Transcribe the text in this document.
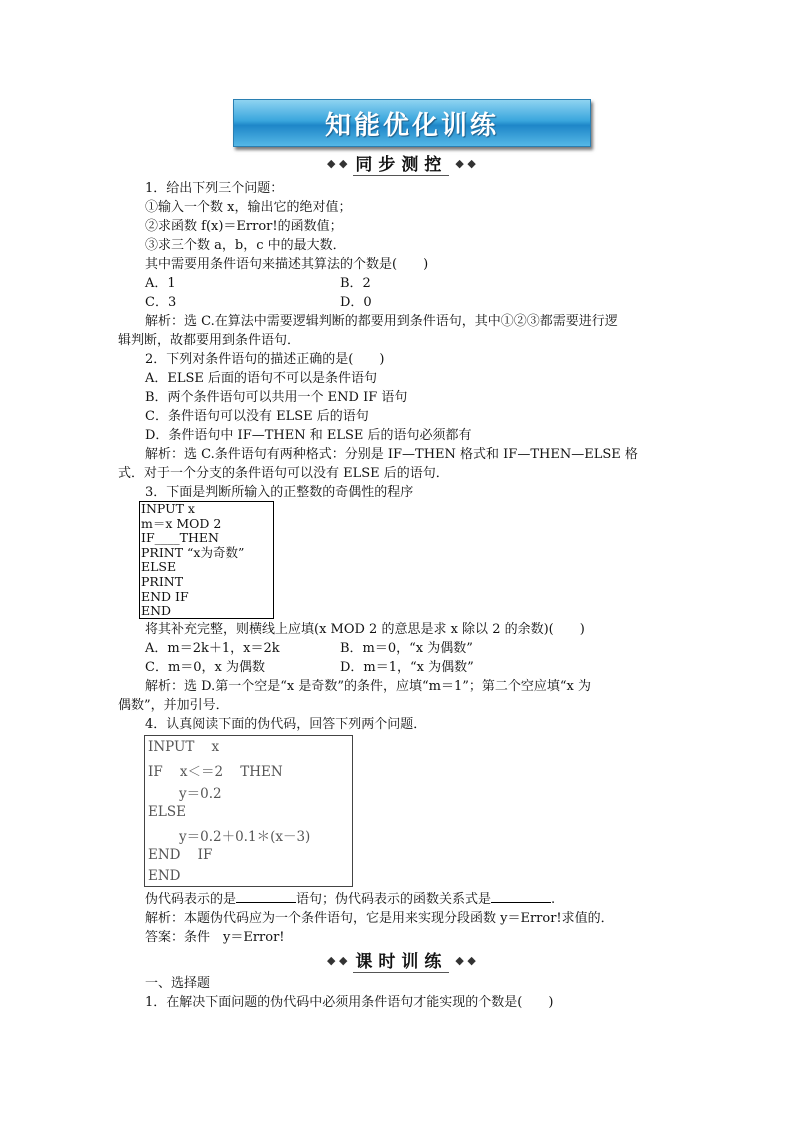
知能优化训练
◆ ◆ 同步测控 ◆ ◆
1．给出下列三个问题：
①输入一个数 x，输出它的绝对值；
②求函数 f(x)＝Error!的函数值；
③求三个数 a，b，c 中的最大数．
其中需要用条件语句来描述其算法的个数是(　　)
A．1	B．2
C．3	D．0
解析：选 C.在算法中需要逻辑判断的都要用到条件语句，其中①②③都需要进行逻
辑判断，故都要用到条件语句．
2．下列对条件语句的描述正确的是(　　)
A．ELSE 后面的语句不可以是条件语句
B．两个条件语句可以共用一个 END IF 语句
C．条件语句可以没有 ELSE 后的语句
D．条件语句中 IF—THEN 和 ELSE 后的语句必须都有
解析：选 C.条件语句有两种格式：分别是 IF—THEN 格式和 IF—THEN—ELSE 格
式．对于一个分支的条件语句可以没有 ELSE 后的语句．
3．下面是判断所输入的正整数的奇偶性的程序
INPUT x
m＝x MOD 2
IF____THEN
PRINT “x为奇数”
ELSE
PRINT
END IF
END
将其补充完整，则横线上应填(x MOD 2 的意思是求 x 除以 2 的余数)(　　)
A．m＝2k＋1，x＝2k	B．m＝0，“x 为偶数”
C．m＝0，x 为偶数	D．m＝1，“x 为偶数”
解析：选 D.第一个空是“x 是奇数”的条件，应填“m＝1”；第二个空应填“x 为
偶数”，并加引号．
4．认真阅读下面的伪代码，回答下列两个问题．
INPUT    x
IF    x＜＝2    THEN
y＝0.2
ELSE
y＝0.2＋0.1＊(x－3)
END    IF
END
伪代码表示的是	语句；伪代码表示的函数关系式是	.
解析：本题伪代码应为一个条件语句，它是用来实现分段函数 y＝Error!求值的．
答案：条件　y＝Error!
◆ ◆ 课时训练 ◆ ◆
一、选择题
1．在解决下面问题的伪代码中必须用条件语句才能实现的个数是(　　)
